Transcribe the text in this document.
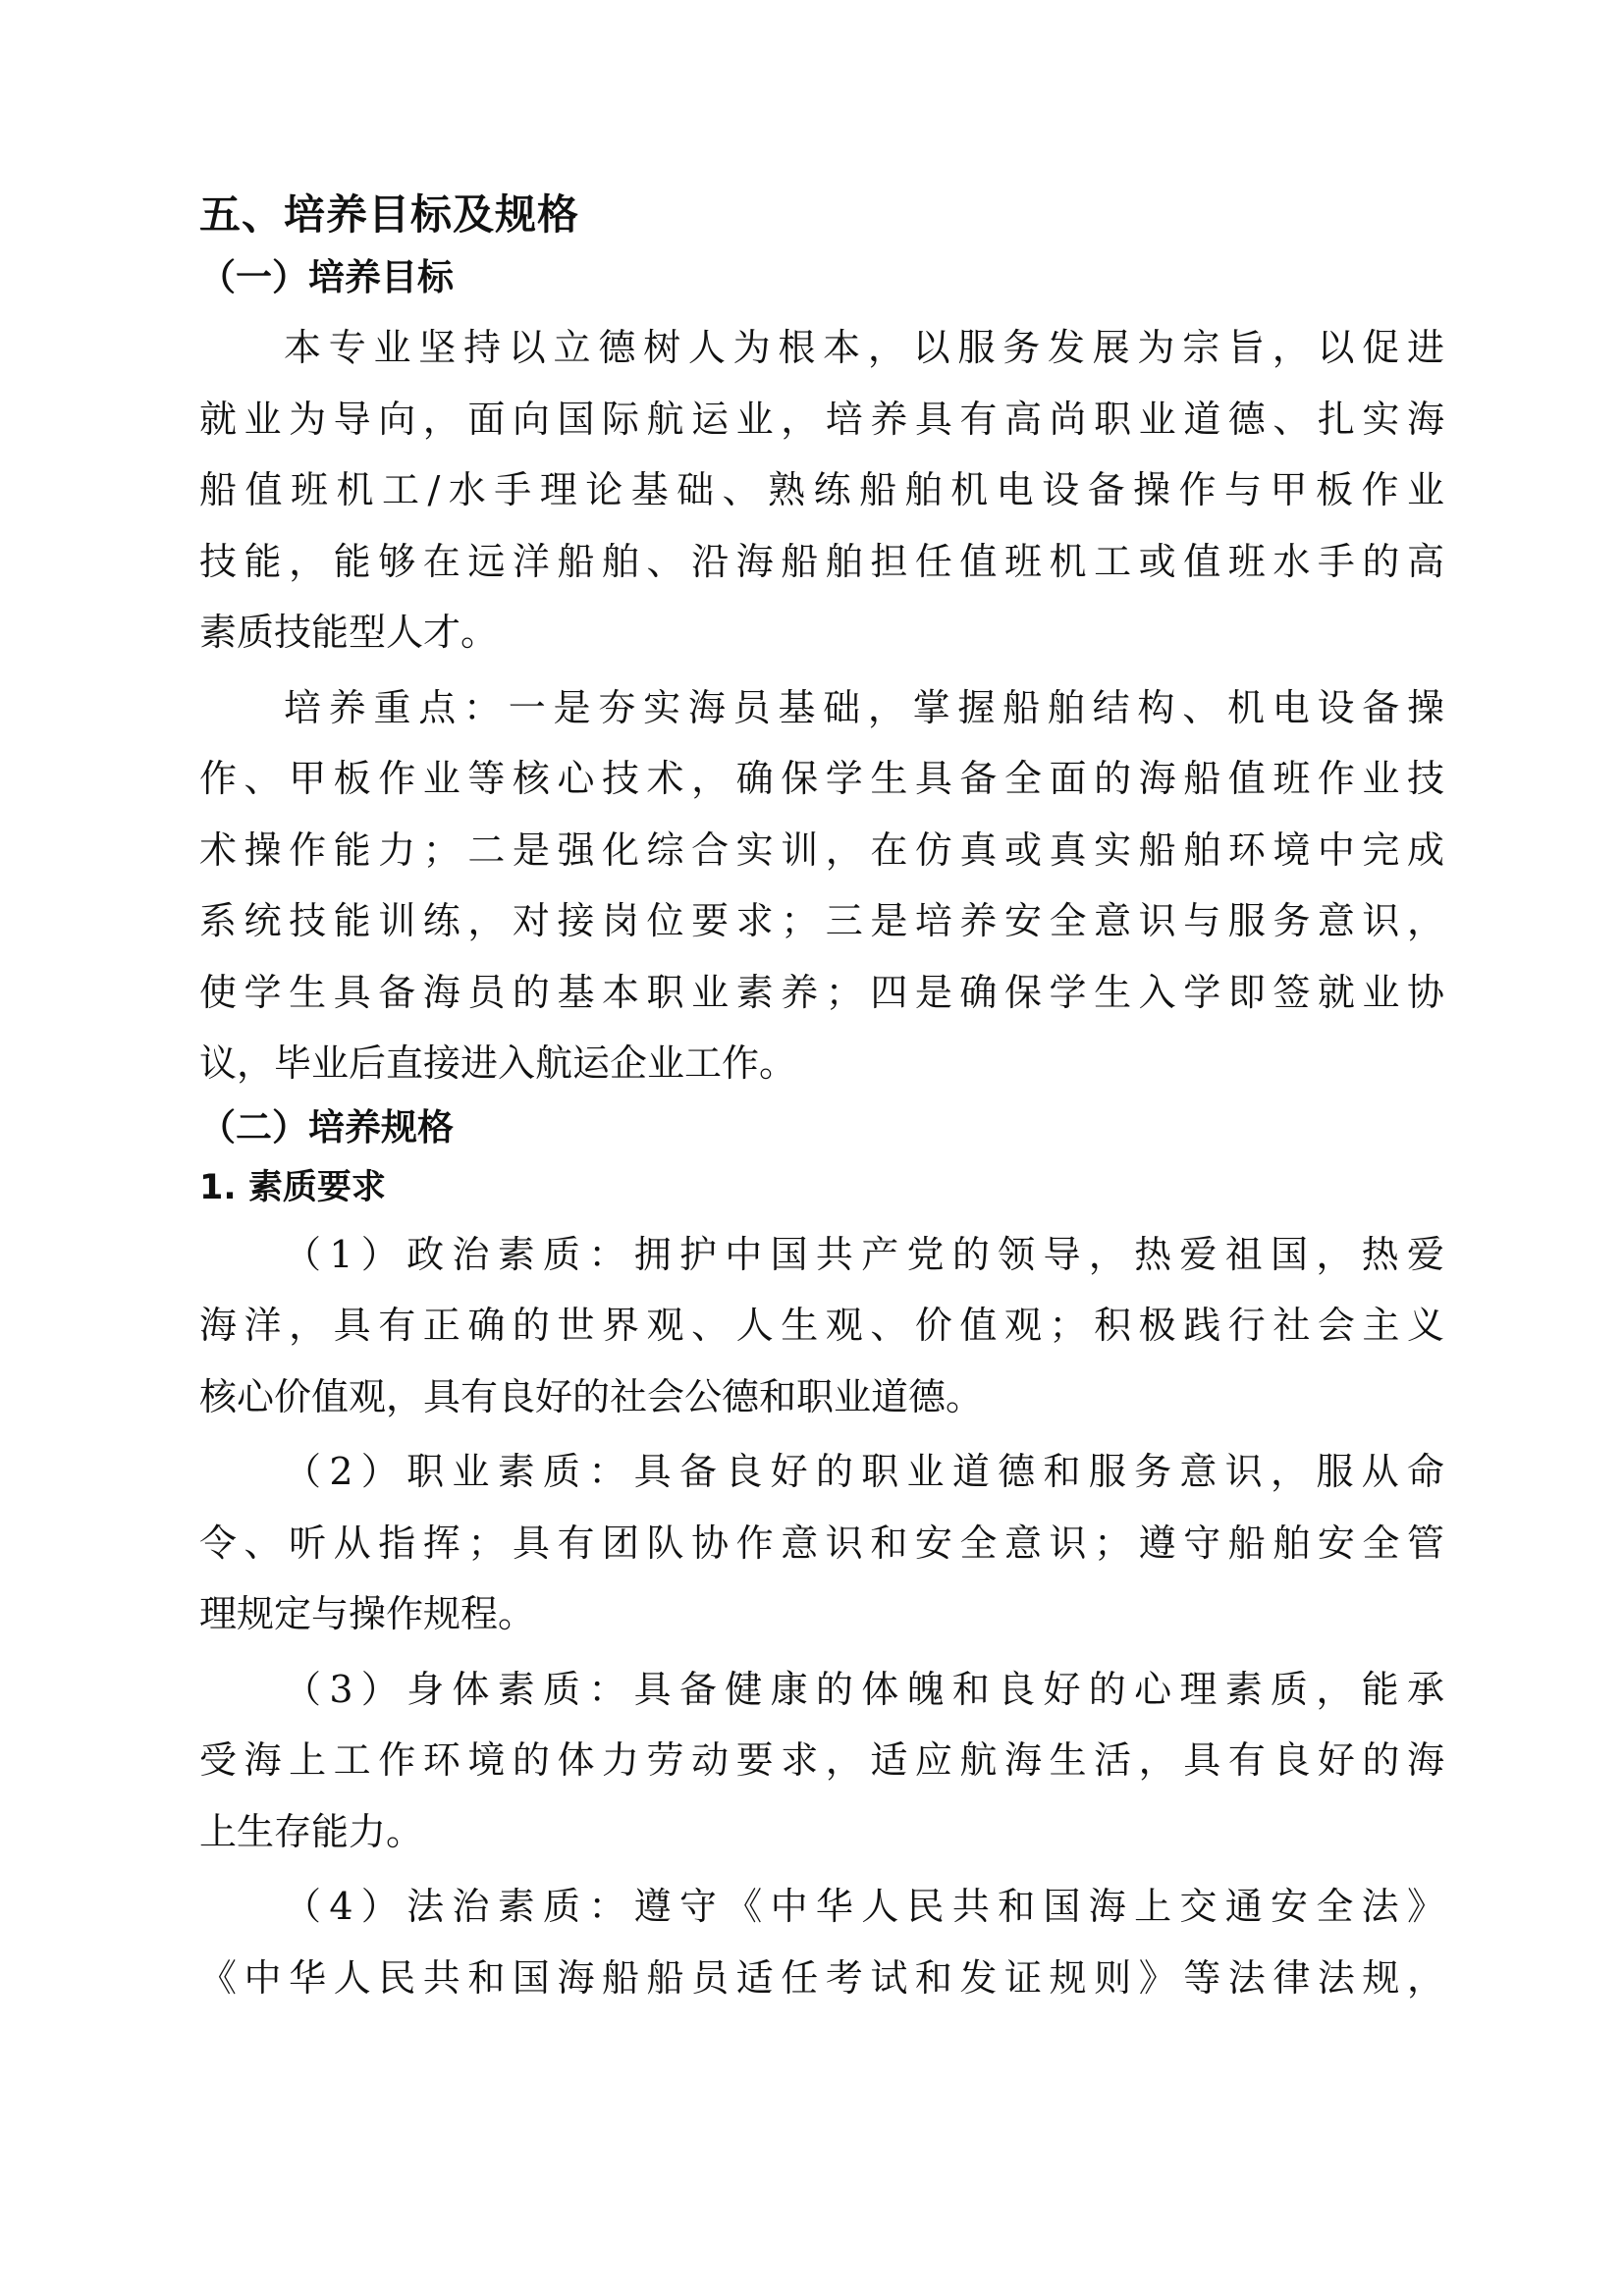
五、培养目标及规格
（一）培养目标
本专业坚持以立德树人为根本，以服务发展为宗旨，以促进
就业为导向，面向国际航运业，培养具有高尚职业道德、扎实海
船值班机工/水手理论基础、熟练船舶机电设备操作与甲板作业
技能，能够在远洋船舶、沿海船舶担任值班机工或值班水手的高
素质技能型人才。
培养重点：一是夯实海员基础，掌握船舶结构、机电设备操
作、甲板作业等核心技术，确保学生具备全面的海船值班作业技
术操作能力；二是强化综合实训，在仿真或真实船舶环境中完成
系统技能训练，对接岗位要求；三是培养安全意识与服务意识，
使学生具备海员的基本职业素养；四是确保学生入学即签就业协
议，毕业后直接进入航运企业工作。
（二）培养规格
1. 素质要求
（1）政治素质：拥护中国共产党的领导，热爱祖国，热爱
海洋，具有正确的世界观、人生观、价值观；积极践行社会主义
核心价值观，具有良好的社会公德和职业道德。
（2）职业素质：具备良好的职业道德和服务意识，服从命
令、听从指挥；具有团队协作意识和安全意识；遵守船舶安全管
理规定与操作规程。
（3）身体素质：具备健康的体魄和良好的心理素质，能承
受海上工作环境的体力劳动要求，适应航海生活，具有良好的海
上生存能力。
（4）法治素质：遵守《中华人民共和国海上交通安全法》
《中华人民共和国海船船员适任考试和发证规则》等法律法规，
